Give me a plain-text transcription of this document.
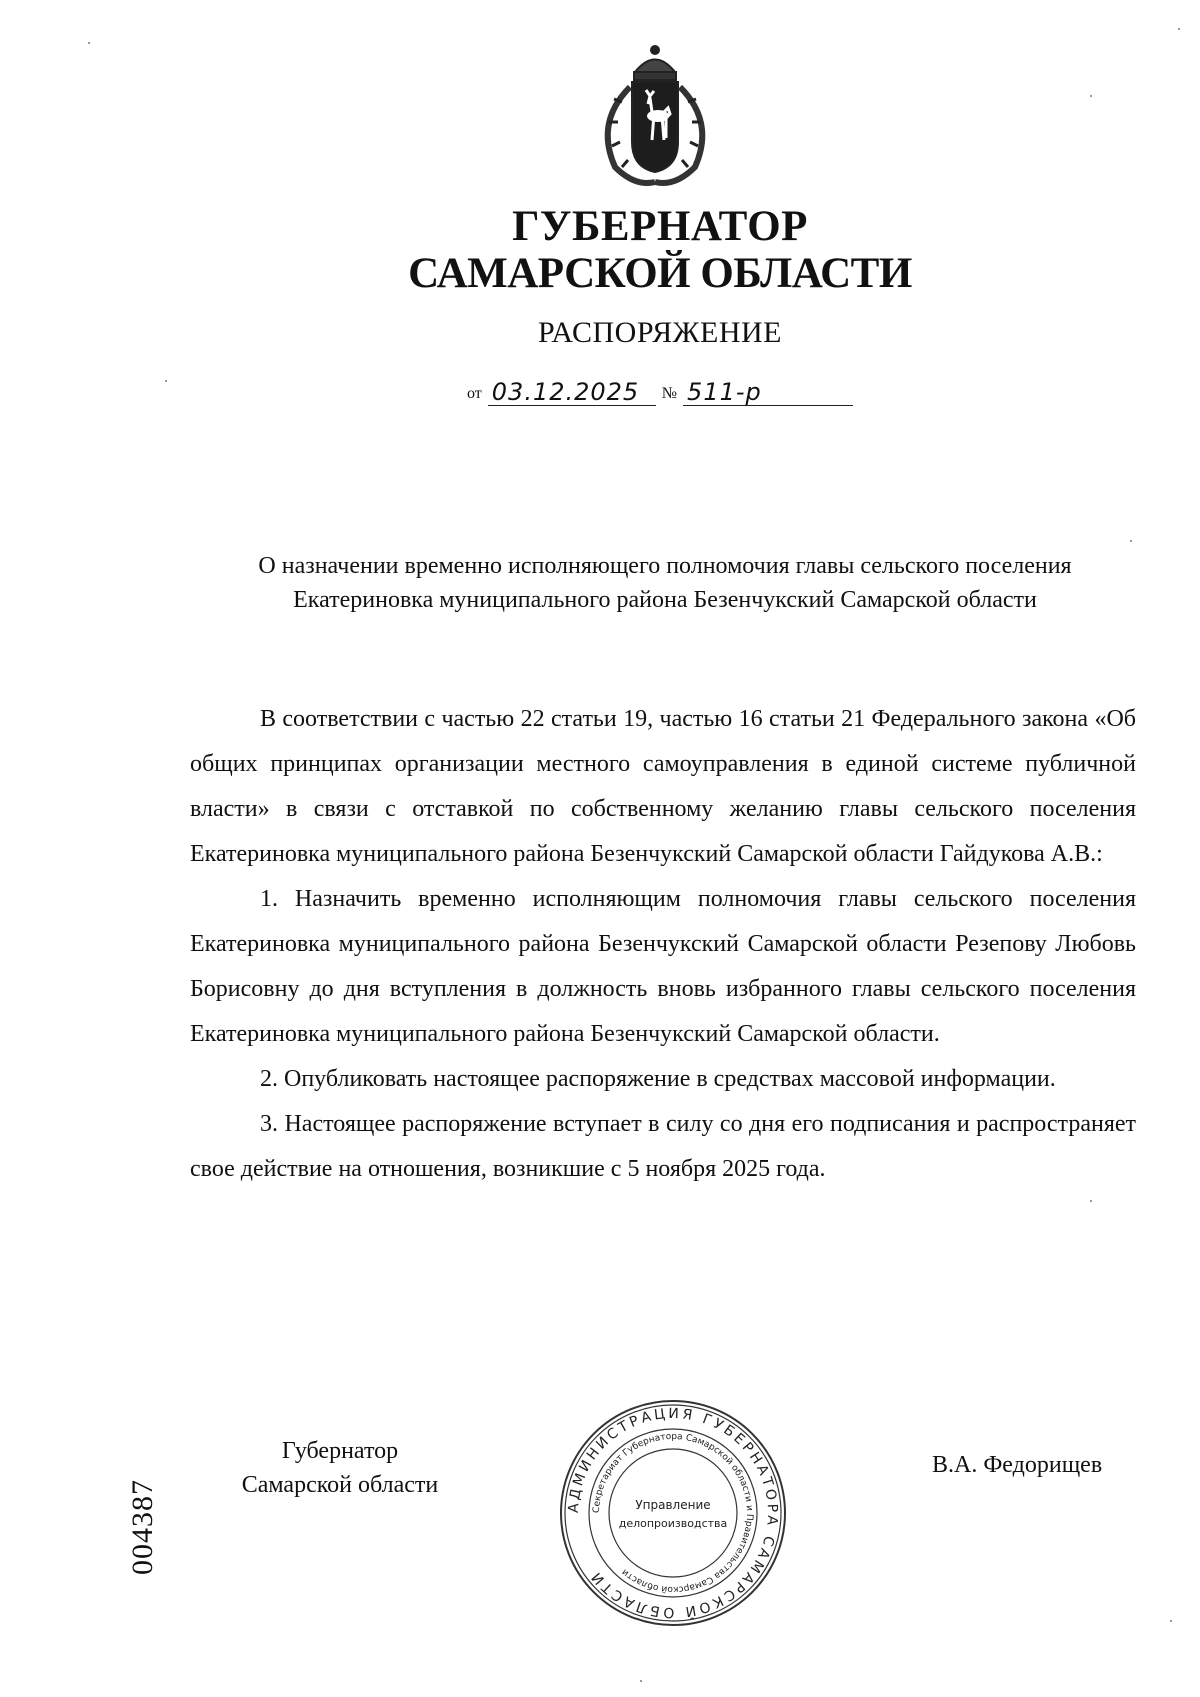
ГУБЕРНАТОР
САМАРСКОЙ ОБЛАСТИ
РАСПОРЯЖЕНИЕ
от 03.12.2025	№ 511-р
О назначении временно исполняющего полномочия главы сельского поселения Екатериновка муниципального района Безенчукский Самарской области

В соответствии с частью 22 статьи 19, частью 16 статьи 21 Федерального закона «Об общих принципах организации местного самоуправления в единой системе публичной власти» в связи с отставкой по собственному желанию главы сельского поселения Екатериновка муниципального района Безенчукский Самарской области Гайдукова А.В.:

1. Назначить временно исполняющим полномочия главы сельского поселения Екатериновка муниципального района Безенчукский Самарской области Резепову Любовь Борисовну до дня вступления в должность вновь избранного главы сельского поселения Екатериновка муниципального района Безенчукский Самарской области.

2. Опубликовать настоящее распоряжение в средствах массовой информации.

3. Настоящее распоряжение вступает в силу со дня его подписания и распространяет свое действие на отношения, возникшие с 5 ноября 2025 года.

Губернатор
Самарской области
АДМИНИСТРАЦИЯ ГУБЕРНАТОРА САМАРСКОЙ ОБЛАСТИ
Секретариат Губернатора Самарской области и Правительства Самарской области
Управление
делопроизводства
В.А. Федорищев
004387
